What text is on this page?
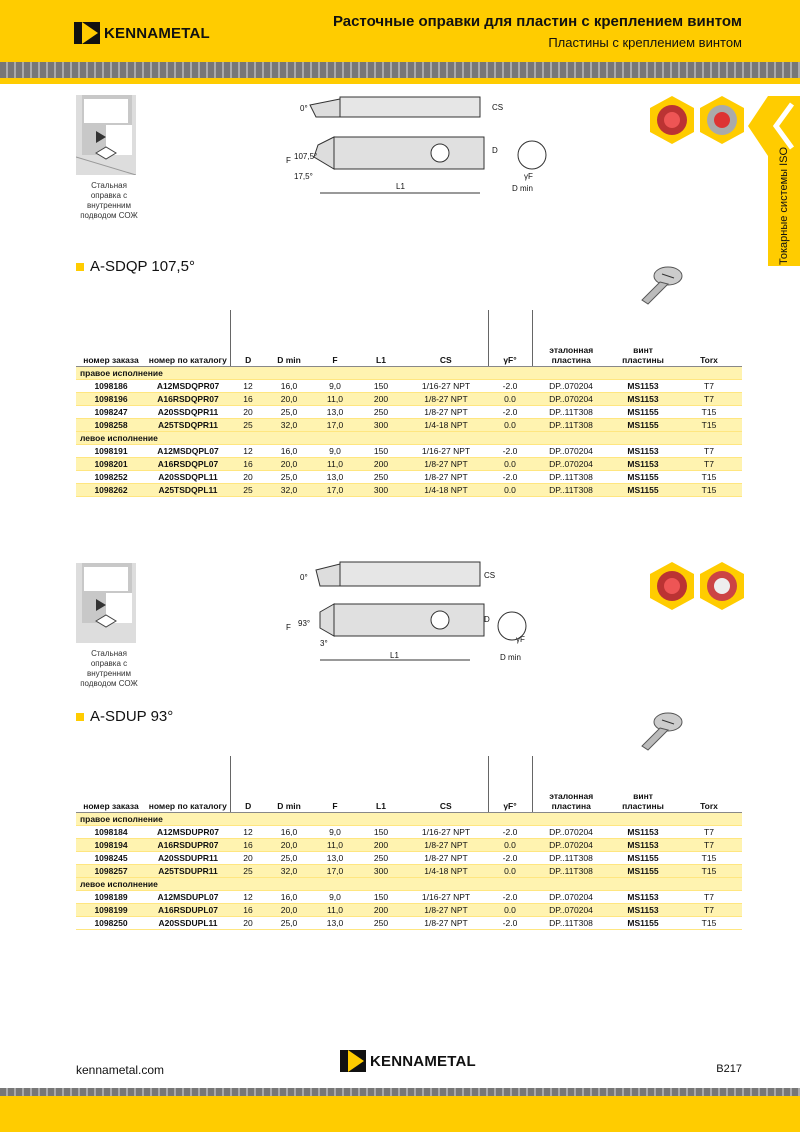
KENNAMETAL
Расточные оправки для пластин с креплением винтом
Пластины с креплением винтом
Токарные системы ISO
Стальная оправка с внутренним подводом СОЖ
0°	CS
F 107,5°
17,5°
D
L1
γF
D min
A-SDQP 107,5°
номер заказа	номер по каталогу	D	D min	F	L1	CS	γF°	эталонная пластина	винт пластины	Torx
правое исполнение										
1098186	A12MSDQPR07	12	16,0	9,0	150	1/16-27 NPT	-2.0	DP..070204	MS1153	T7
1098196	A16RSDQPR07	16	20,0	11,0	200	1/8-27 NPT	0.0	DP..070204	MS1153	T7
1098247	A20SSDQPR11	20	25,0	13,0	250	1/8-27 NPT	-2.0	DP..11T308	MS1155	T15
1098258	A25TSDQPR11	25	32,0	17,0	300	1/4-18 NPT	0.0	DP..11T308	MS1155	T15
левое исполнение										
1098191	A12MSDQPL07	12	16,0	9,0	150	1/16-27 NPT	-2.0	DP..070204	MS1153	T7
1098201	A16RSDQPL07	16	20,0	11,0	200	1/8-27 NPT	0.0	DP..070204	MS1153	T7
1098252	A20SSDQPL11	20	25,0	13,0	250	1/8-27 NPT	-2.0	DP..11T308	MS1155	T15
1098262	A25TSDQPL11	25	32,0	17,0	300	1/4-18 NPT	0.0	DP..11T308	MS1155	T15
Стальная оправка с внутренним подводом СОЖ
0°	CS
F 93°
3°
D
L1
γF
D min
A-SDUP 93°
номер заказа	номер по каталогу	D	D min	F	L1	CS	γF°	эталонная пластина	винт пластины	Torx
правое исполнение										
1098184	A12MSDUPR07	12	16,0	9,0	150	1/16-27 NPT	-2.0	DP..070204	MS1153	T7
1098194	A16RSDUPR07	16	20,0	11,0	200	1/8-27 NPT	0.0	DP..070204	MS1153	T7
1098245	A20SSDUPR11	20	25,0	13,0	250	1/8-27 NPT	-2.0	DP..11T308	MS1155	T15
1098257	A25TSDUPR11	25	32,0	17,0	300	1/4-18 NPT	0.0	DP..11T308	MS1155	T15
левое исполнение										
1098189	A12MSDUPL07	12	16,0	9,0	150	1/16-27 NPT	-2.0	DP..070204	MS1153	T7
1098199	A16RSDUPL07	16	20,0	11,0	200	1/8-27 NPT	0.0	DP..070204	MS1153	T7
1098250	A20SSDUPL11	20	25,0	13,0	250	1/8-27 NPT	-2.0	DP..11T308	MS1155	T15
kennametal.com
KENNAMETAL	B217
